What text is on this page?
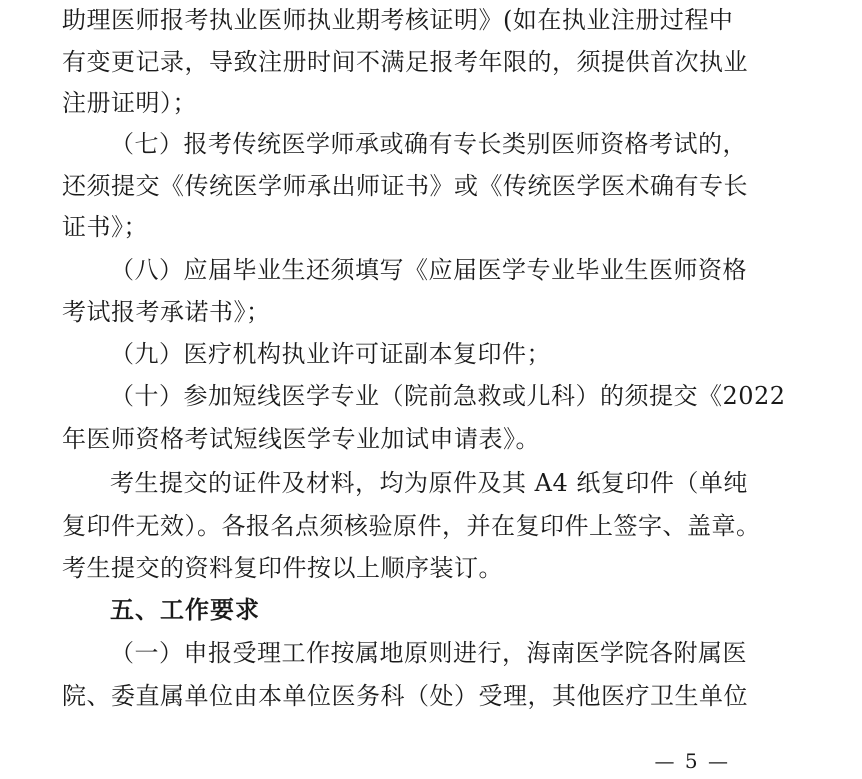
助理医师报考执业医师执业期考核证明》(如在执业注册过程中
有变更记录，导致注册时间不满足报考年限的，须提供首次执业
注册证明）；
（七）报考传统医学师承或确有专长类别医师资格考试的，
还须提交《传统医学师承出师证书》或《传统医学医术确有专长
证书》；
（八）应届毕业生还须填写《应届医学专业毕业生医师资格
考试报考承诺书》；
（九）医疗机构执业许可证副本复印件；
（十）参加短线医学专业（院前急救或儿科）的须提交《2022
年医师资格考试短线医学专业加试申请表》。
考生提交的证件及材料，均为原件及其 A4 纸复印件（单纯
复印件无效）。各报名点须核验原件，并在复印件上签字、盖章。
考生提交的资料复印件按以上顺序装订。
五、工作要求
（一）申报受理工作按属地原则进行，海南医学院各附属医
院、委直属单位由本单位医务科（处）受理，其他医疗卫生单位
— 5 —
